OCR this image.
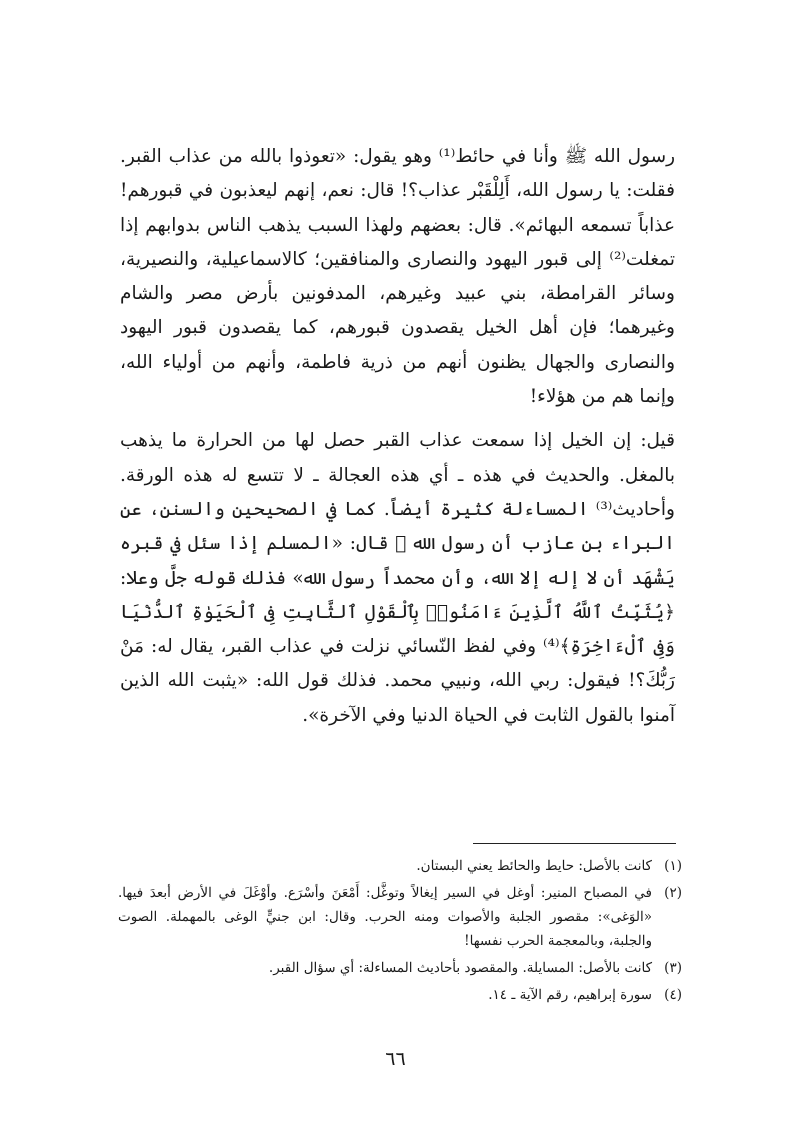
رسول الله ﷺ وأنا في حائط⁽¹⁾ وهو يقول: «تعوذوا بالله من عذاب القبر. فقلت: يا رسول الله، أَلِلْقَبْر عذاب؟! قال: نعم، إنهم ليعذبون في قبورهم! عذاباً تسمعه البهائم». قال: بعضهم ولهذا السبب يذهب الناس بدوابهم إذا تمغلت⁽²⁾ إلى قبور اليهود والنصارى والمنافقين؛ كالاسماعيلية، والنصيرية، وسائر القرامطة، بني عبيد وغيرهم، المدفونين بأرض مصر والشام وغيرهما؛ فإن أهل الخيل يقصدون قبورهم، كما يقصدون قبور اليهود والنصارى والجهال يظنون أنهم من ذرية فاطمة، وأنهم من أولياء الله، وإنما هم من هؤلاء!

قيل: إن الخيل إذا سمعت عذاب القبر حصل لها من الحرارة ما يذهب بالمغل. والحديث في هذه ـ أي هذه العجالة ـ لا تتسع له هذه الورقة. وأحاديث⁽³⁾ المساءلة كثيرة أيضاً. كما في الصحيحين والسنن، عن البراء بن عازب أن رسول الله ﷺ قال: «المسلم إذا سئل في قبره يَشْهَد أن لا إله إلا الله، وأن محمداً رسول الله» فذلك قوله جلَّ وعلا: ﴿يُثَبِّتُ ٱللَّهُ ٱلَّذِينَ ءَامَنُوا۟ بِٱلْقَوْلِ ٱلثَّابِتِ فِى ٱلْحَيَوٰةِ ٱلدُّنْيَا وَفِى ٱلْءَاخِرَةِ﴾⁽⁴⁾ وفي لفظ النّسائي نزلت في عذاب القبر، يقال له: مَنْ رَبُّكَ؟! فيقول: ربي الله، ونبيي محمد. فذلك قول الله: «يثبت الله الذين آمنوا بالقول الثابت في الحياة الدنيا وفي الآخرة».

(١)
كانت بالأصل: حايط والحائط يعني البستان.
(٢)
في المصباح المنير: أوغل في السير إيغالاً وتوغَّل: أَمْعَنَ وأسْرَع. وأوْغَلَ في الأرض أبعدَ فيها. «الوَغى»: مقصور الجلبة والأصوات ومنه الحرب. وقال: ابن جنيٍّ الوغى بالمهملة. الصوت والجلبة، وبالمعجمة الحرب نفسها!
(٣)
كانت بالأصل: المسايلة. والمقصود بأحاديث المساءلة: أي سؤال القبر.
(٤)
سورة إبراهيم، رقم الآية ـ ١٤.
٦٦
